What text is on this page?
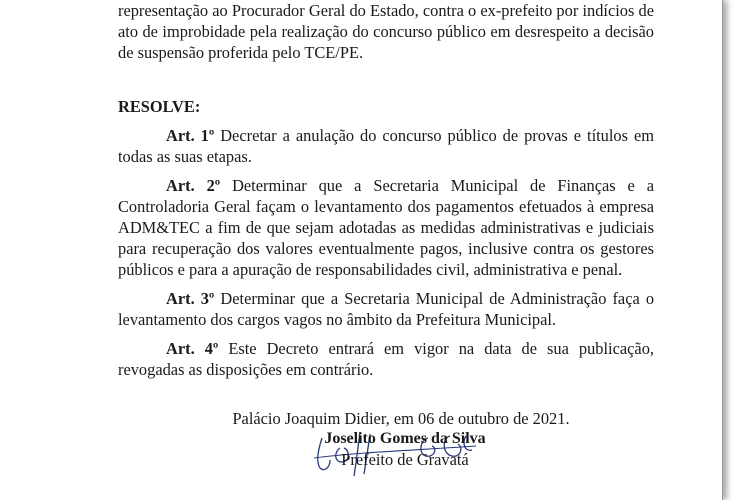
representação ao Procurador Geral do Estado, contra o ex-prefeito por indícios de ato de improbidade pela realização do concurso público em desrespeito a decisão de suspensão proferida pelo TCE/PE.

RESOLVE:

Art. 1º Decretar a anulação do concurso público de provas e títulos em todas as suas etapas.

Art. 2º Determinar que a Secretaria Municipal de Finanças e a Controladoria Geral façam o levantamento dos pagamentos efetuados à empresa ADM&TEC a fim de que sejam adotadas as medidas administrativas e judiciais para recuperação dos valores eventualmente pagos, inclusive contra os gestores públicos e para a apuração de responsabilidades civil, administrativa e penal.

Art. 3º Determinar que a Secretaria Municipal de Administração faça o levantamento dos cargos vagos no âmbito da Prefeitura Municipal.

Art. 4º Este Decreto entrará em vigor na data de sua publicação, revogadas as disposições em contrário.

Palácio Joaquim Didier, em 06 de outubro de 2021.

Joselito Gomes da Silva
Prefeito de Gravatá
